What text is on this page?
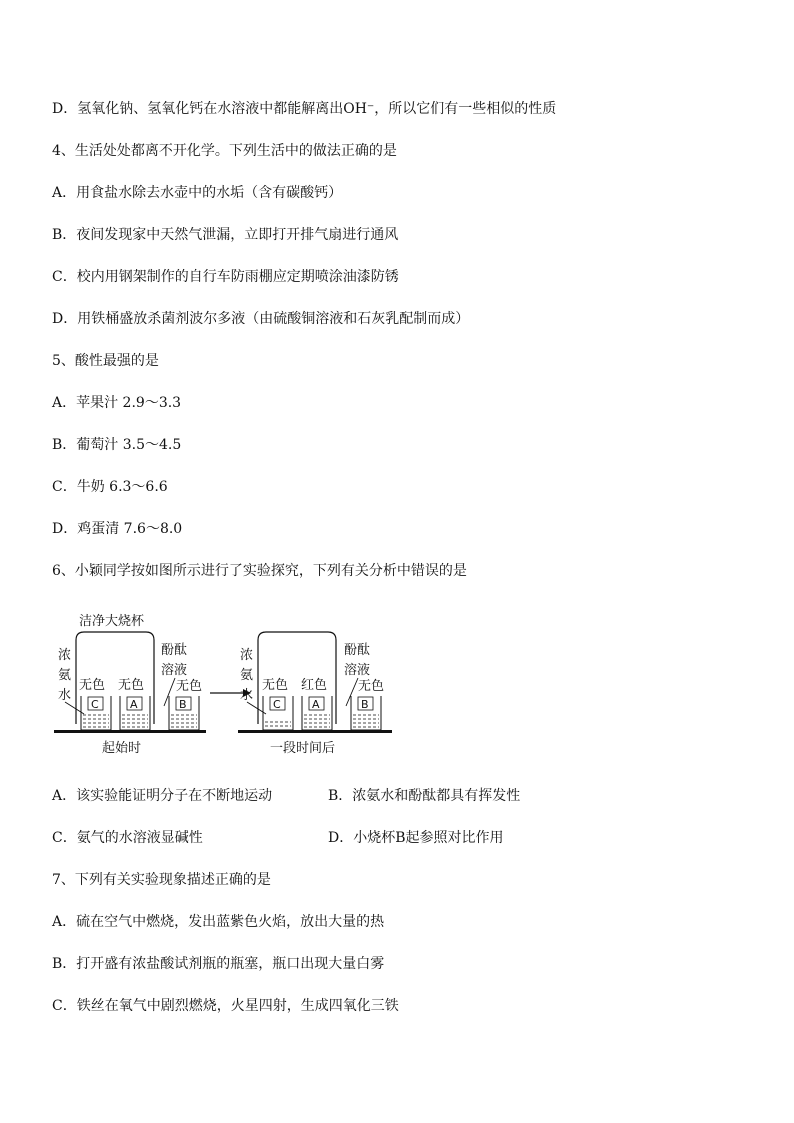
D．氢氧化钠、氢氧化钙在水溶液中都能解离出OH⁻，所以它们有一些相似的性质
4、生活处处都离不开化学。下列生活中的做法正确的是
A．用食盐水除去水壶中的水垢（含有碳酸钙）
B．夜间发现家中天然气泄漏，立即打开排气扇进行通风
C．校内用钢架制作的自行车防雨棚应定期喷涂油漆防锈
D．用铁桶盛放杀菌剂波尔多液（由硫酸铜溶液和石灰乳配制而成）
5、酸性最强的是
A．苹果汁 2.9～3.3
B．葡萄汁 3.5～4.5
C．牛奶 6.3～6.6
D．鸡蛋清 7.6～8.0
6、小颖同学按如图所示进行了实验探究，下列有关分析中错误的是
洁净大烧杯
浓
氨
水
酚酞
溶液
无色
C
无色
A
无色
B
起始时
浓
氨
水
酚酞
溶液
无色
C
红色
A
无色
B
一段时间后
A．该实验能证明分子在不断地运动	B．浓氨水和酚酞都具有挥发性
C．氨气的水溶液显碱性	D．小烧杯B起参照对比作用
7、下列有关实验现象描述正确的是
A．硫在空气中燃烧，发出蓝紫色火焰，放出大量的热
B．打开盛有浓盐酸试剂瓶的瓶塞，瓶口出现大量白雾
C．铁丝在氧气中剧烈燃烧，火星四射，生成四氧化三铁
